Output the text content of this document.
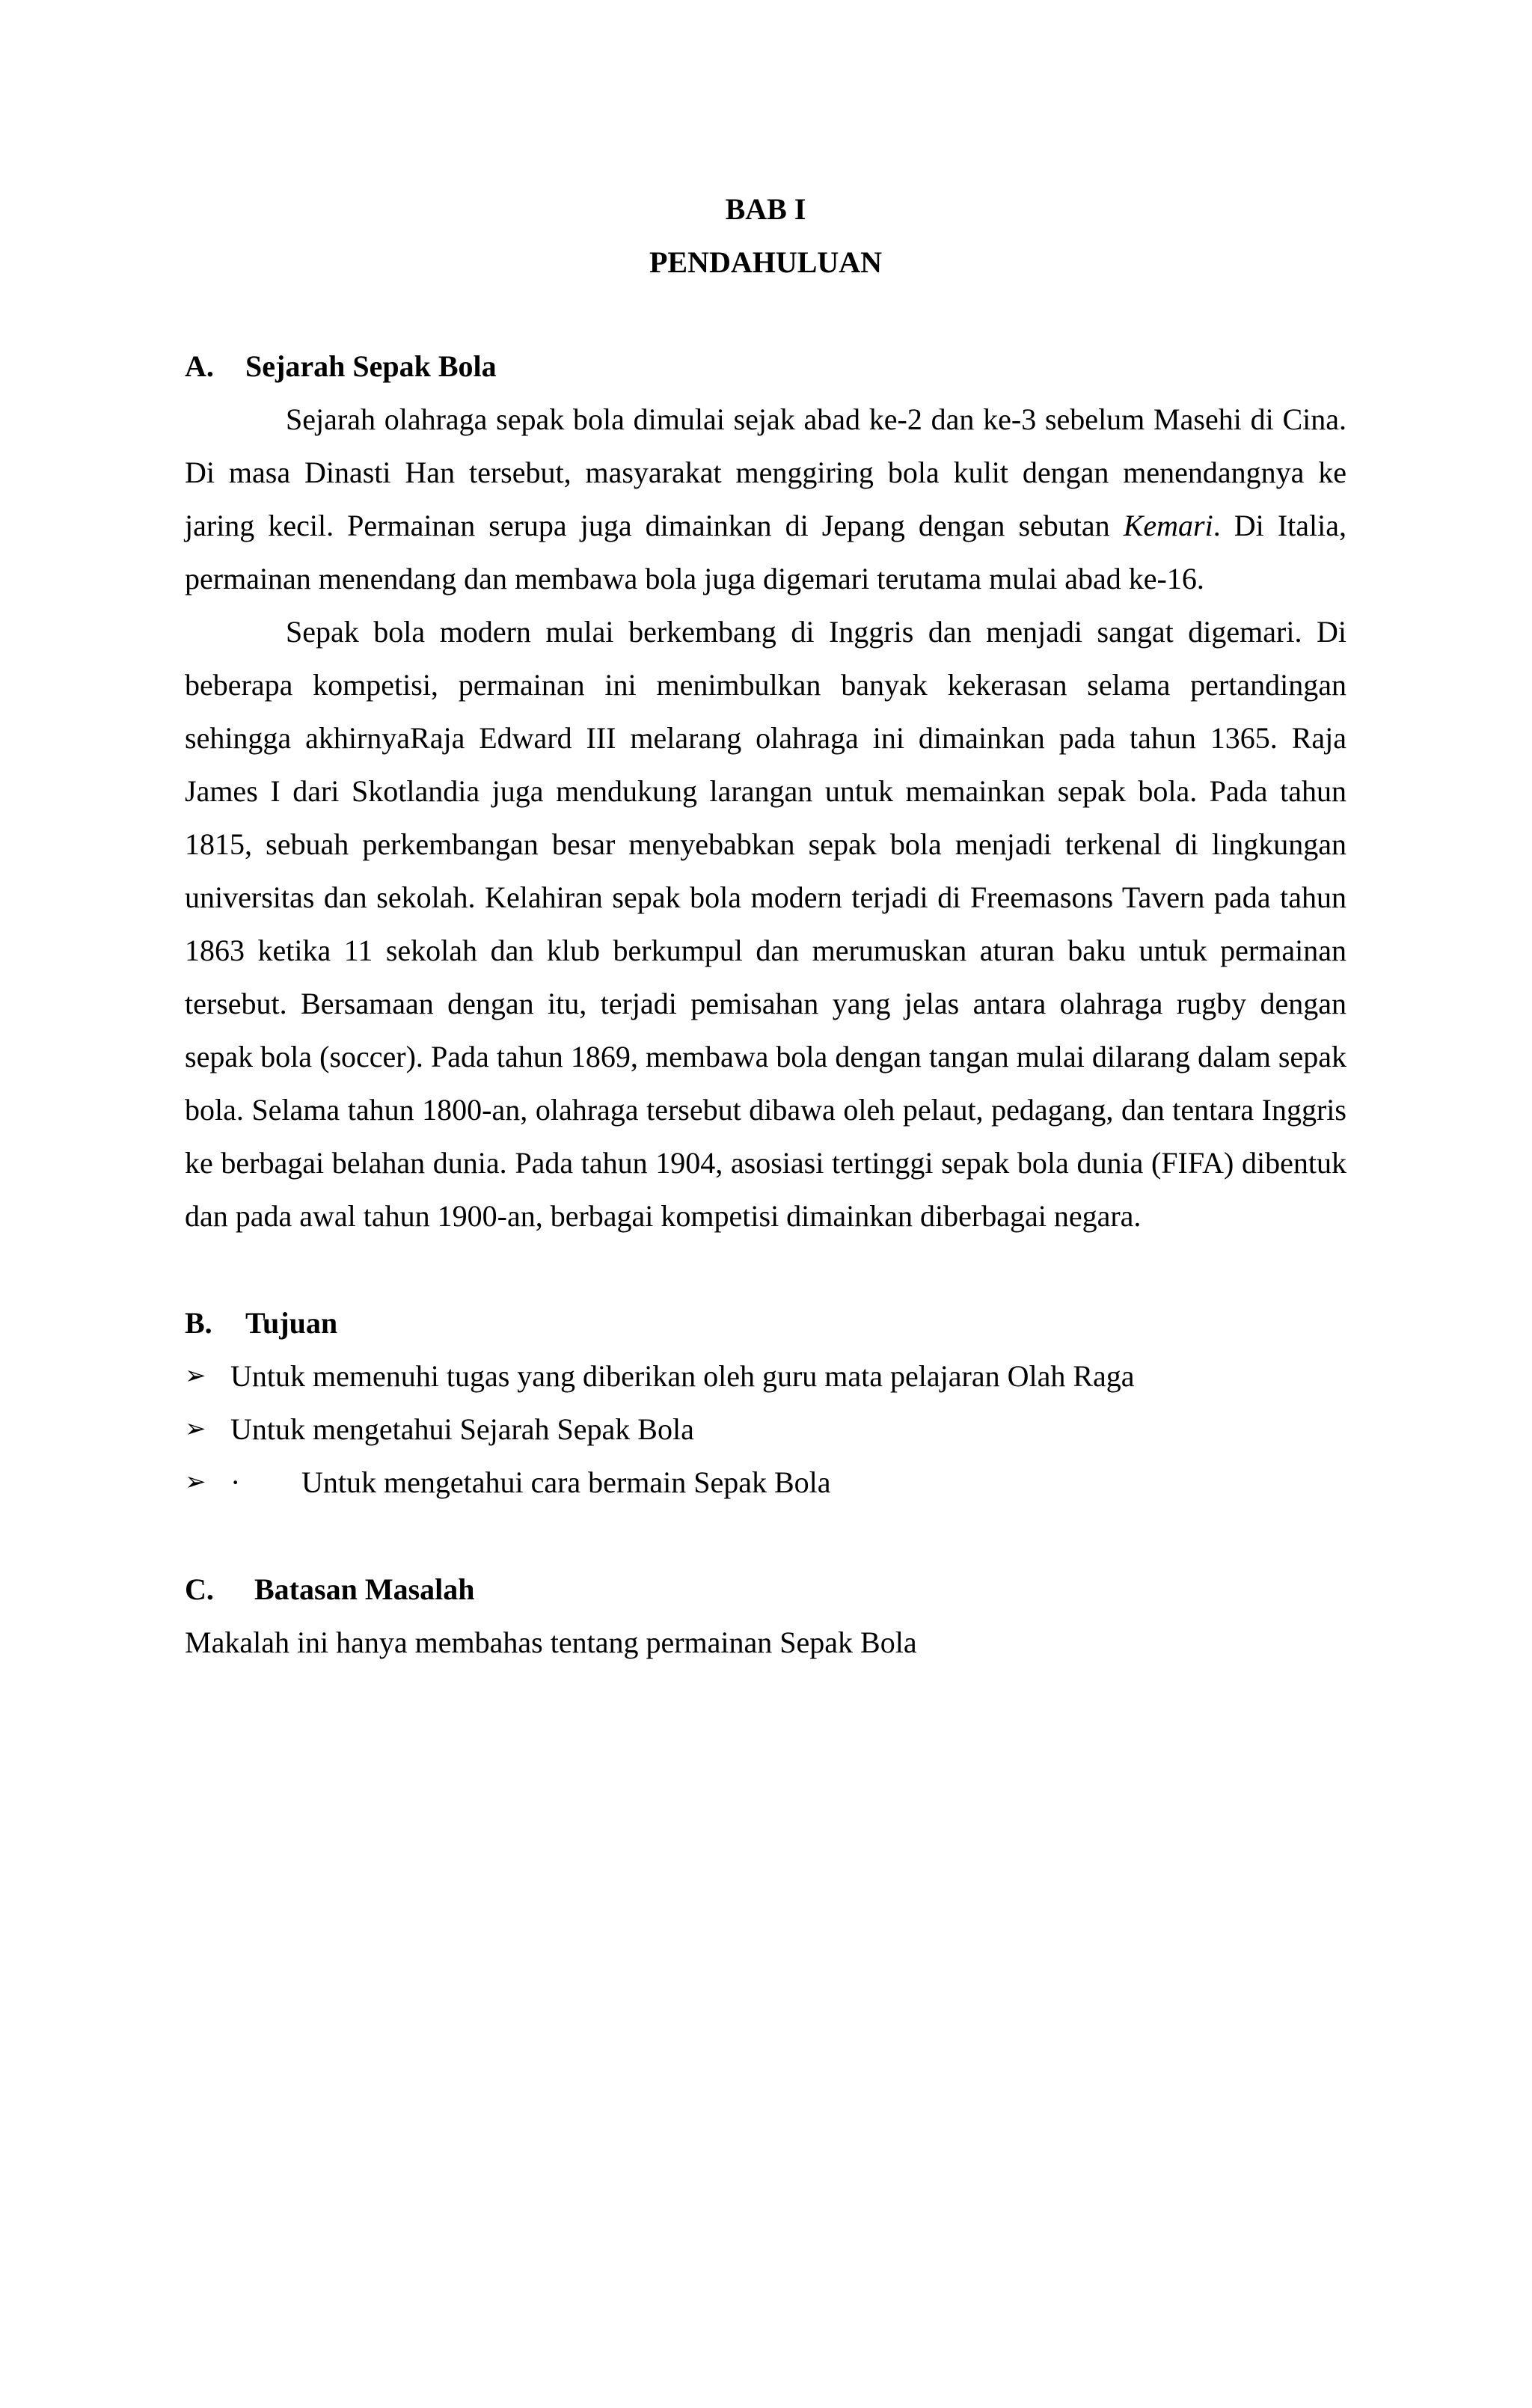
BAB I

PENDAHULUAN

A.	Sejarah Sepak Bola

Sejarah olahraga sepak bola dimulai sejak abad ke-2 dan ke-3 sebelum Masehi di Cina. Di masa Dinasti Han tersebut, masyarakat menggiring bola kulit dengan menendangnya ke jaring kecil. Permainan serupa juga dimainkan di Jepang dengan sebutan Kemari. Di Italia, permainan menendang dan membawa bola juga digemari terutama mulai abad ke-16.

Sepak bola modern mulai berkembang di Inggris dan menjadi sangat digemari. Di beberapa kompetisi, permainan ini menimbulkan banyak kekerasan selama pertandingan sehingga akhirnyaRaja Edward III melarang olahraga ini dimainkan pada tahun 1365. Raja James I dari Skotlandia juga mendukung larangan untuk memainkan sepak bola. Pada tahun 1815, sebuah perkembangan besar menyebabkan sepak bola menjadi terkenal di lingkungan universitas dan sekolah. Kelahiran sepak bola modern terjadi di Freemasons Tavern pada tahun 1863 ketika 11 sekolah dan klub berkumpul dan merumuskan aturan baku untuk permainan tersebut. Bersamaan dengan itu, terjadi pemisahan yang jelas antara olahraga rugby dengan sepak bola (soccer). Pada tahun 1869, membawa bola dengan tangan mulai dilarang dalam sepak bola. Selama tahun 1800-an, olahraga tersebut dibawa oleh pelaut, pedagang, dan tentara Inggris ke berbagai belahan dunia. Pada tahun 1904, asosiasi tertinggi sepak bola dunia (FIFA) dibentuk dan pada awal tahun 1900-an, berbagai kompetisi dimainkan diberbagai negara.

B.	Tujuan
➢ Untuk memenuhi tugas yang diberikan oleh guru mata pelajaran Olah Raga
➢ Untuk mengetahui Sejarah Sepak Bola
➢ ·	Untuk mengetahui cara bermain Sepak Bola
C.	Batasan Masalah

Makalah ini hanya membahas tentang permainan Sepak Bola
